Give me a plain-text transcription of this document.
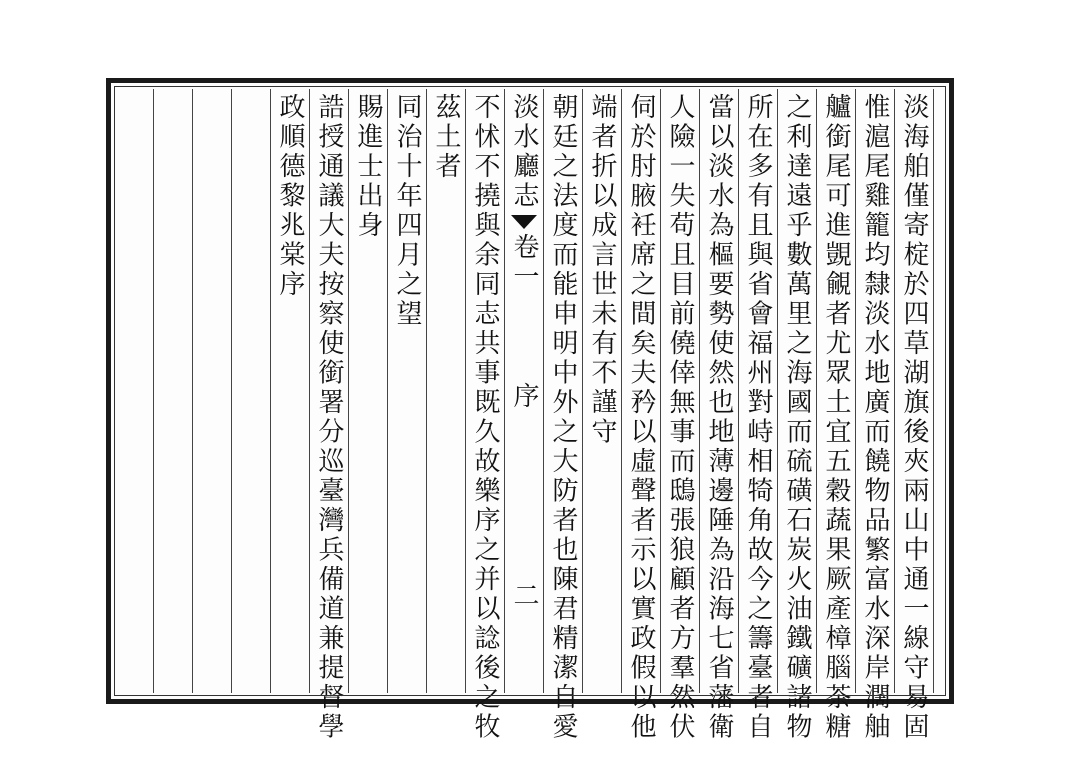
淡海舶僅寄椗於四草湖旗後夾兩山中通一線守易固
惟滬尾雞籠均隸淡水地廣而饒物品繁富水深岸濶舳
艫銜尾可進覬覦者尤眾土宜五穀蔬果厥產樟腦茶糖
之利達遠乎數萬里之海國而硫磺石炭火油鐵礦諸物
所在多有且與省會福州對峙相犄角故今之籌臺者自
當以淡水為樞要勢使然也地薄邊陲為沿海七省藩衛
人險一失苟且目前僥倖無事而鴟張狼顧者方羣然伏
伺於肘腋衽席之間矣夫矜以虛聲者示以實政假以他
端者折以成言世未有不謹守
朝廷之法度而能申明中外之大防者也陳君精潔自愛
淡水廳志卷一序二
不怵不撓與余同志共事既久故樂序之并以諗後之牧
茲土者
同治十年四月之望
賜進士出身
誥授通議大夫按察使銜署分巡臺灣兵備道兼提督學
政順德黎兆棠序
